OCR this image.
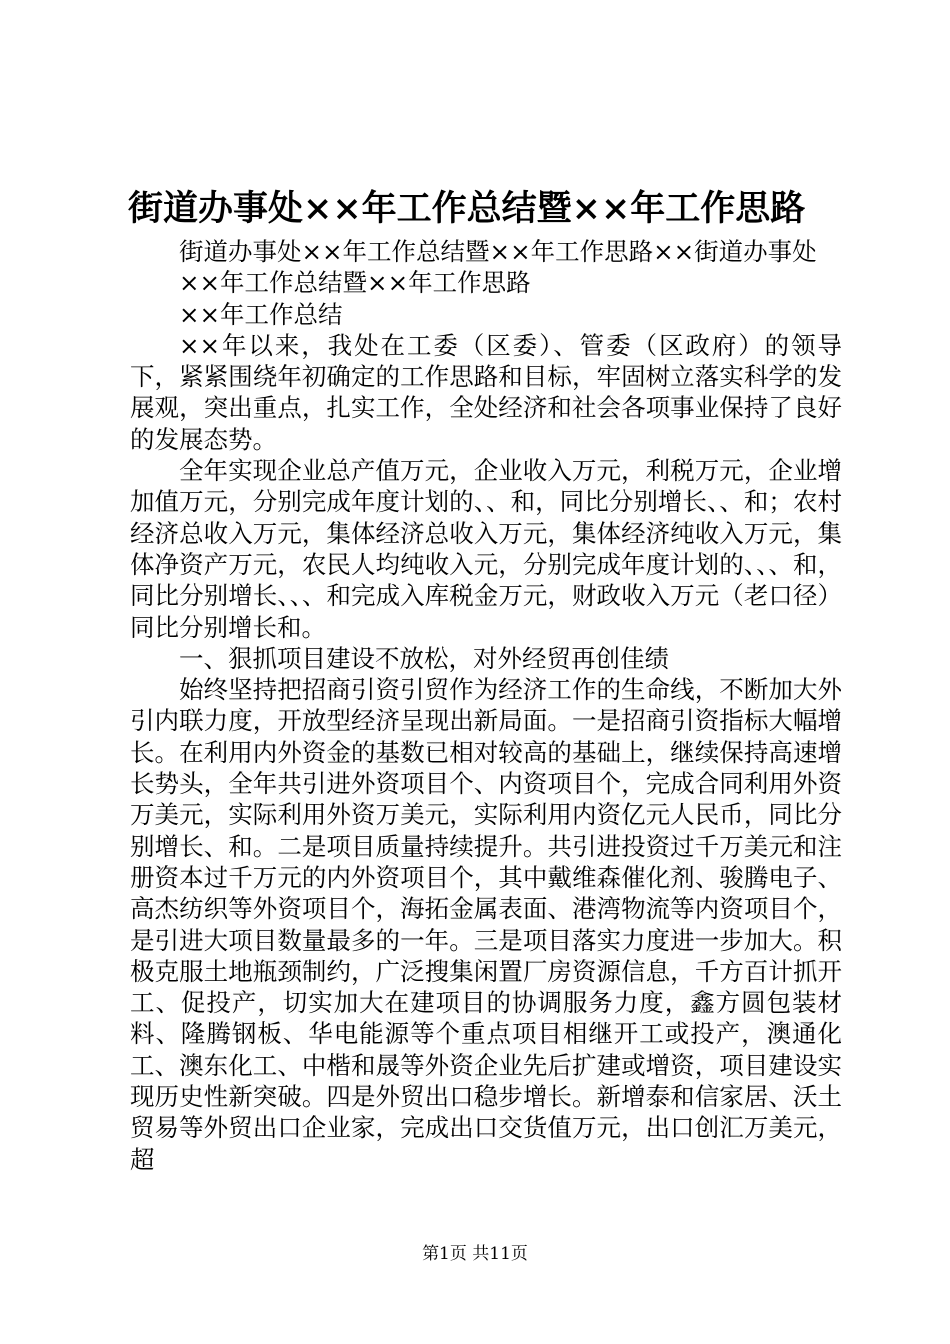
街道办事处××年工作总结暨××年工作思路

街道办事处××年工作总结暨××年工作思路××街道办事处

××年工作总结暨××年工作思路

××年工作总结

××年以来，我处在工委（区委）、管委（区政府）的领导下，紧紧围绕年初确定的工作思路和目标，牢固树立落实科学的发展观，突出重点，扎实工作，全处经济和社会各项事业保持了良好的发展态势。

全年实现企业总产值万元，企业收入万元，利税万元，企业增加值万元，分别完成年度计划的、、和，同比分别增长、、和；农村经济总收入万元，集体经济总收入万元，集体经济纯收入万元，集体净资产万元，农民人均纯收入元，分别完成年度计划的、、、和，同比分别增长、、、和完成入库税金万元，财政收入万元（老口径）同比分别增长和。

一、狠抓项目建设不放松，对外经贸再创佳绩

始终坚持把招商引资引贸作为经济工作的生命线，不断加大外引内联力度，开放型经济呈现出新局面。一是招商引资指标大幅增长。在利用内外资金的基数已相对较高的基础上，继续保持高速增长势头，全年共引进外资项目个、内资项目个，完成合同利用外资万美元，实际利用外资万美元，实际利用内资亿元人民币，同比分别增长、和。二是项目质量持续提升。共引进投资过千万美元和注册资本过千万元的内外资项目个，其中戴维森催化剂、骏腾电子、高杰纺织等外资项目个，海拓金属表面、港湾物流等内资项目个，是引进大项目数量最多的一年。三是项目落实力度进一步加大。积极克服土地瓶颈制约，广泛搜集闲置厂房资源信息，千方百计抓开工、促投产，切实加大在建项目的协调服务力度，鑫方圆包装材料、隆腾钢板、华电能源等个重点项目相继开工或投产，澳通化工、澳东化工、中楷和晟等外资企业先后扩建或增资，项目建设实现历史性新突破。四是外贸出口稳步增长。新增泰和信家居、沃土贸易等外贸出口企业家，完成出口交货值万元，出口创汇万美元，超

第1页 共11页
